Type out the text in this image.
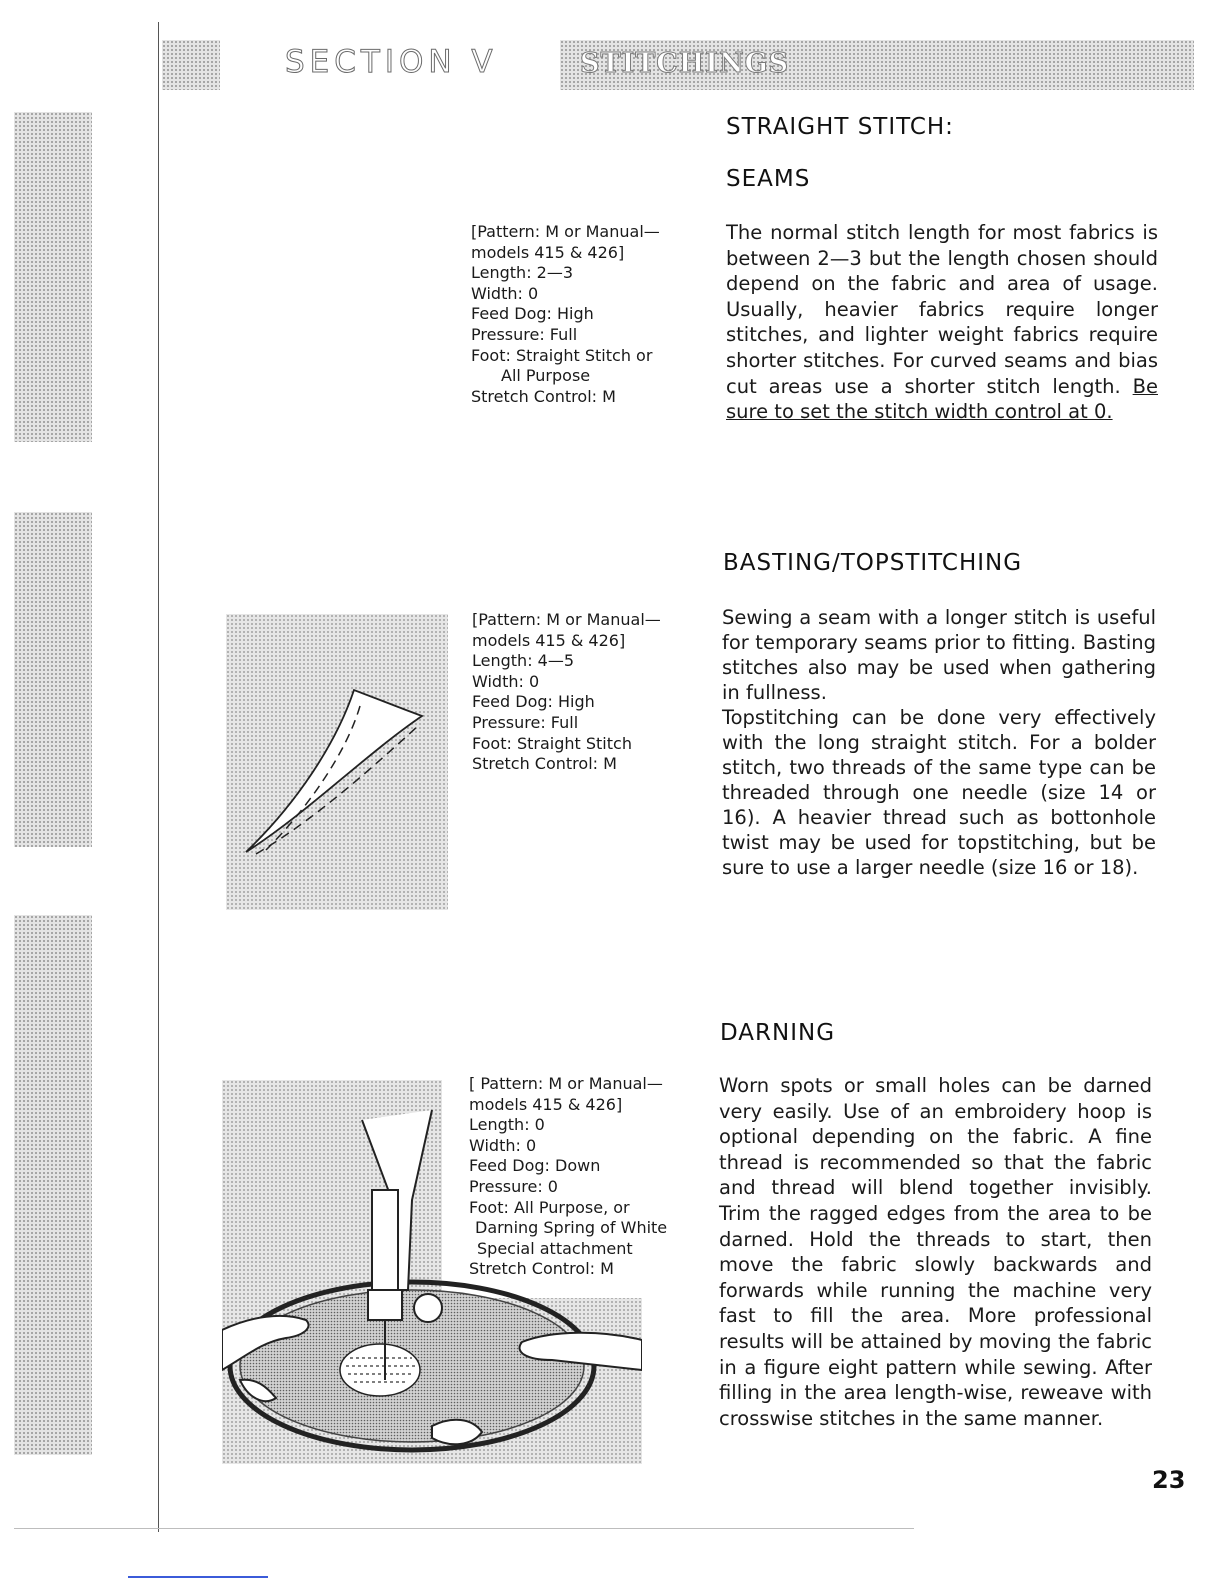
SECTION V	STITCHINGS
STRAIGHT STITCH:
SEAMS
[Pattern: M or Manual—
models 415 & 426]
Length: 2—3
Width: 0
Feed Dog: High
Pressure: Full
Foot: Straight Stitch or
All Purpose
Stretch Control: M
The normal stitch length for most fabrics is between 2—3 but the length chosen should depend on the fabric and area of usage. Usually, heavier fabrics require longer stitches, and lighter weight fabrics require shorter stitches. For curved seams and bias cut areas use a shorter stitch length. Be sure to set the stitch width control at 0.
BASTING/TOPSTITCHING
[Pattern: M or Manual—
models 415 & 426]
Length: 4—5
Width: 0
Feed Dog: High
Pressure: Full
Foot: Straight Stitch
Stretch Control: M
Sewing a seam with a longer stitch is useful for temporary seams prior to fitting. Basting stitches also may be used when gathering in fullness.
Topstitching can be done very effectively with the long straight stitch. For a bolder stitch, two threads of the same type can be threaded through one needle (size 14 or 16). A heavier thread such as bottonhole twist may be used for topstitching, but be sure to use a larger needle (size 16 or 18).
DARNING
[ Pattern: M or Manual—
models 415 & 426]
Length: 0
Width: 0
Feed Dog: Down
Pressure: 0
Foot: All Purpose, or
Darning Spring of White
Special attachment
Stretch Control: M
Worn spots or small holes can be darned very easily. Use of an embroidery hoop is optional depending on the fabric. A fine thread is recommended so that the fabric and thread will blend together invisibly. Trim the ragged edges from the area to be darned. Hold the threads to start, then move the fabric slowly backwards and forwards while running the machine very fast to fill the area. More professional results will be attained by moving the fabric in a figure eight pattern while sewing. After filling in the area length-wise, reweave with crosswise stitches in the same manner.
23
